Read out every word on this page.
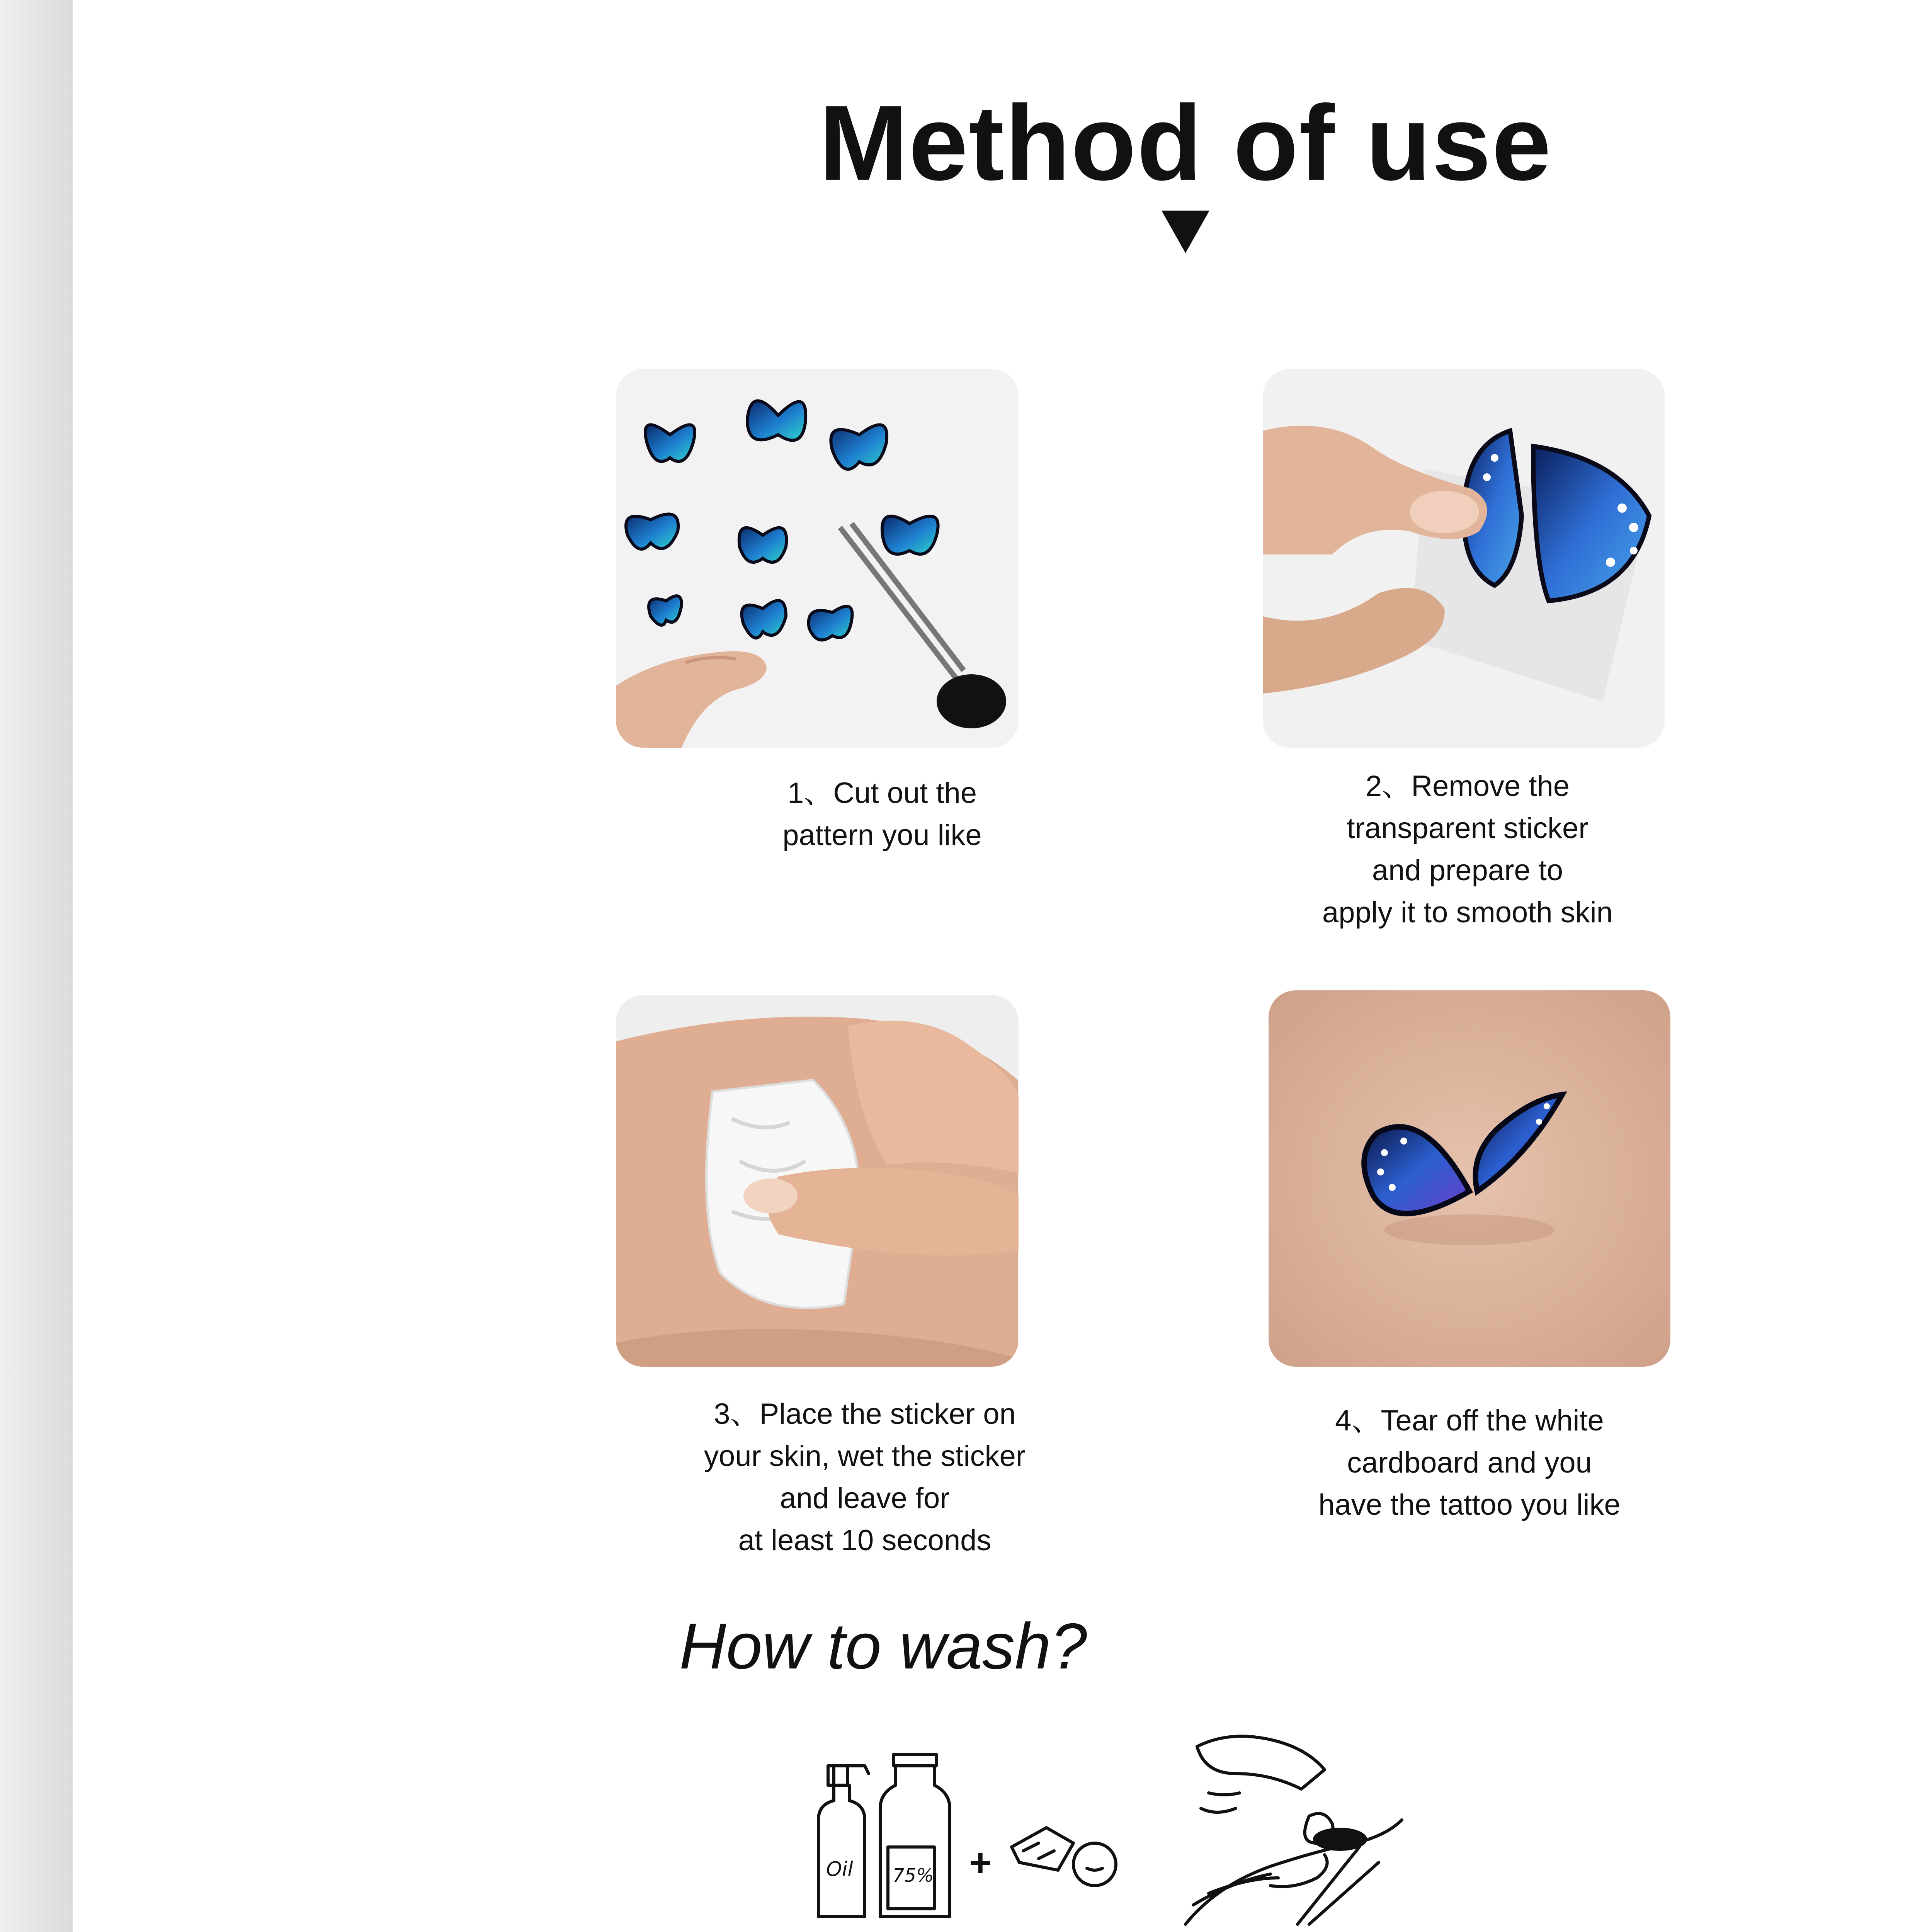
Method of use
1、Cut out the
pattern you like
2、Remove the
transparent sticker
and prepare to
apply it to smooth skin
3、Place the sticker on
your skin, wet the sticker
and leave for
at least 10 seconds
4、Tear off the white
cardboard and you
have the tattoo you like
How to wash?
Oil 75% +
